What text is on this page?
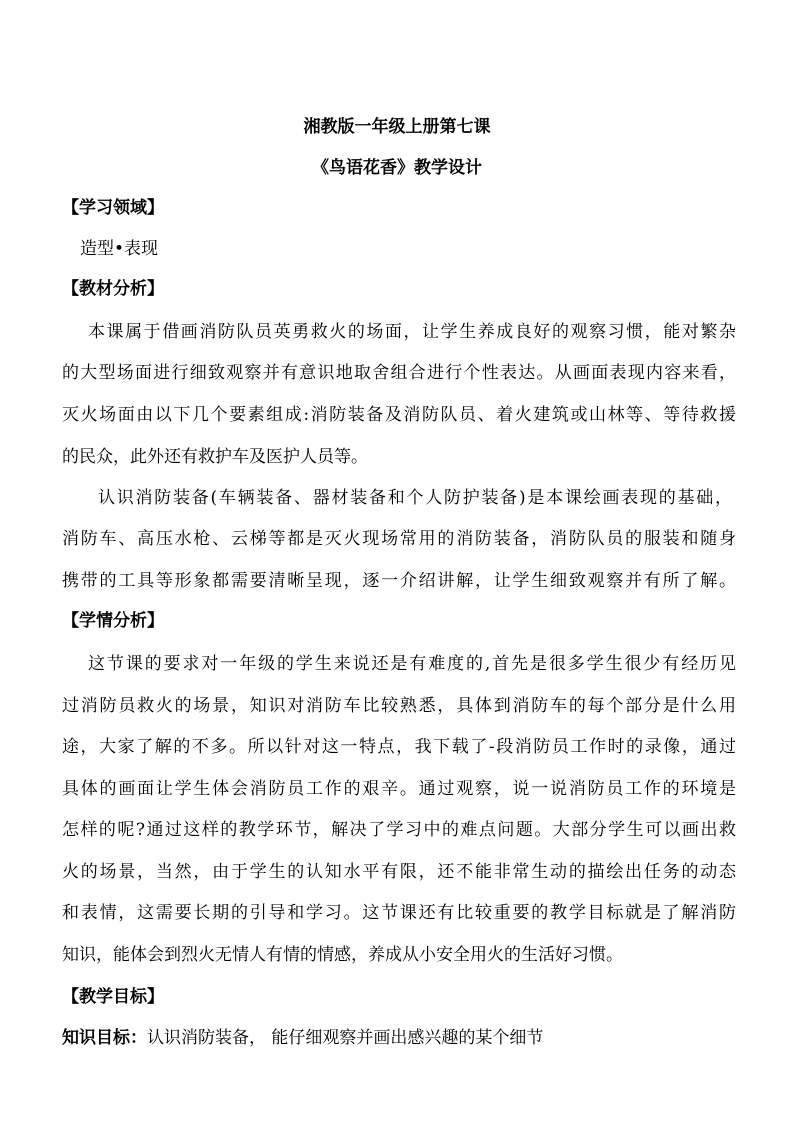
湘教版一年级上册第七课
《鸟语花香》教学设计
【学习领域】
造型•表现
【教材分析】
本课属于借画消防队员英勇救火的场面，让学生养成良好的观察习惯，能对繁杂
的大型场面进行细致观察并有意识地取舍组合进行个性表达。从画面表现内容来看，
灭火场面由以下几个要素组成:消防装备及消防队员、着火建筑或山林等、等待救援
的民众，此外还有救护车及医护人员等。
认识消防装备(车辆装备、器材装备和个人防护装备)是本课绘画表现的基础，
消防车、高压水枪、云梯等都是灭火现场常用的消防装备，消防队员的服装和随身
携带的工具等形象都需要清晰呈现，逐一介绍讲解，让学生细致观察并有所了解。
【学情分析】
这节课的要求对一年级的学生来说还是有难度的,首先是很多学生很少有经历见
过消防员救火的场景，知识对消防车比较熟悉，具体到消防车的每个部分是什么用
途，大家了解的不多。所以针对这一特点，我下载了-段消防员工作时的录像，通过
具体的画面让学生体会消防员工作的艰辛。通过观察，说一说消防员工作的环境是
怎样的呢?通过这样的教学环节，解决了学习中的难点问题。大部分学生可以画出救
火的场景，当然，由于学生的认知水平有限，还不能非常生动的描绘出任务的动态
和表情，这需要长期的引导和学习。这节课还有比较重要的教学目标就是了解消防
知识，能体会到烈火无情人有情的情感，养成从小安全用火的生活好习惯。
【教学目标】
知识目标：认识消防装备， 能仔细观察并画出感兴趣的某个细节
